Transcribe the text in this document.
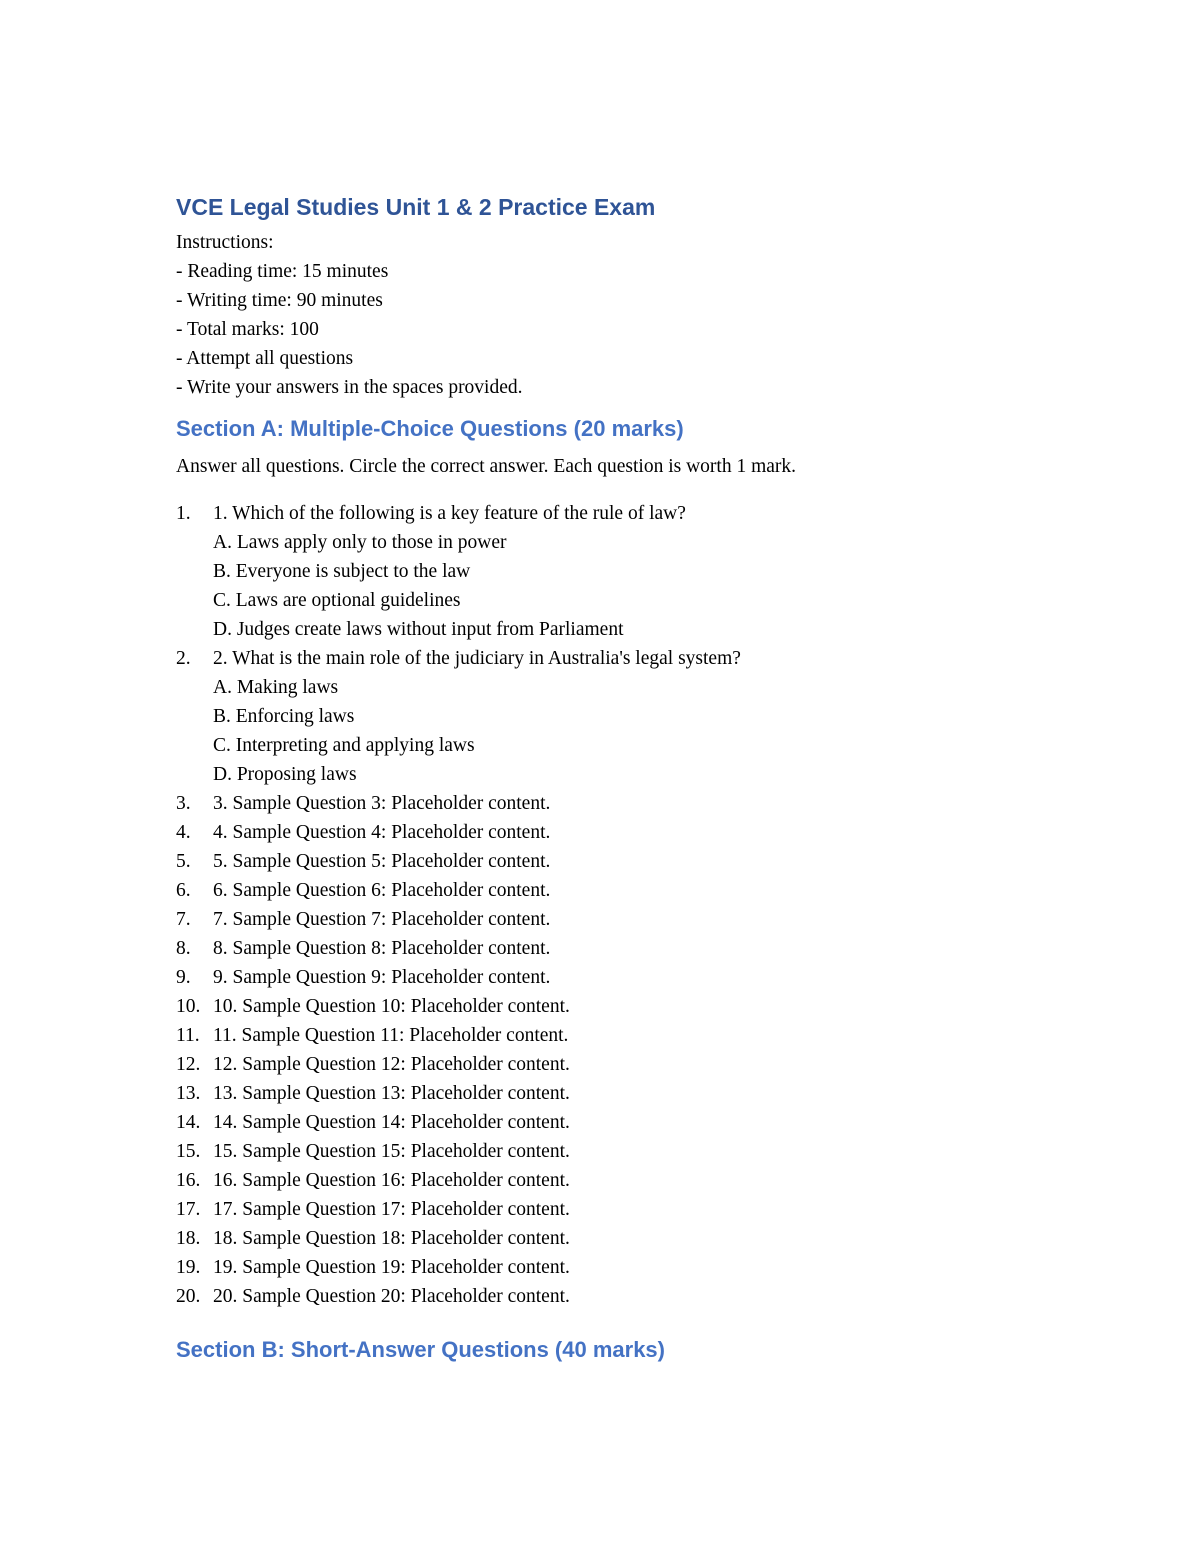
VCE Legal Studies Unit 1 & 2 Practice Exam
Instructions:
- Reading time: 15 minutes
- Writing time: 90 minutes
- Total marks: 100
- Attempt all questions
- Write your answers in the spaces provided.
Section A: Multiple-Choice Questions (20 marks)
Answer all questions. Circle the correct answer. Each question is worth 1 mark.
1. 1. Which of the following is a key feature of the rule of law?
A. Laws apply only to those in power
B. Everyone is subject to the law
C. Laws are optional guidelines
D. Judges create laws without input from Parliament
2. 2. What is the main role of the judiciary in Australia's legal system?
A. Making laws
B. Enforcing laws
C. Interpreting and applying laws
D. Proposing laws
3. 3. Sample Question 3: Placeholder content.
4. 4. Sample Question 4: Placeholder content.
5. 5. Sample Question 5: Placeholder content.
6. 6. Sample Question 6: Placeholder content.
7. 7. Sample Question 7: Placeholder content.
8. 8. Sample Question 8: Placeholder content.
9. 9. Sample Question 9: Placeholder content.
10. 10. Sample Question 10: Placeholder content.
11. 11. Sample Question 11: Placeholder content.
12. 12. Sample Question 12: Placeholder content.
13. 13. Sample Question 13: Placeholder content.
14. 14. Sample Question 14: Placeholder content.
15. 15. Sample Question 15: Placeholder content.
16. 16. Sample Question 16: Placeholder content.
17. 17. Sample Question 17: Placeholder content.
18. 18. Sample Question 18: Placeholder content.
19. 19. Sample Question 19: Placeholder content.
20. 20. Sample Question 20: Placeholder content.
Section B: Short-Answer Questions (40 marks)
